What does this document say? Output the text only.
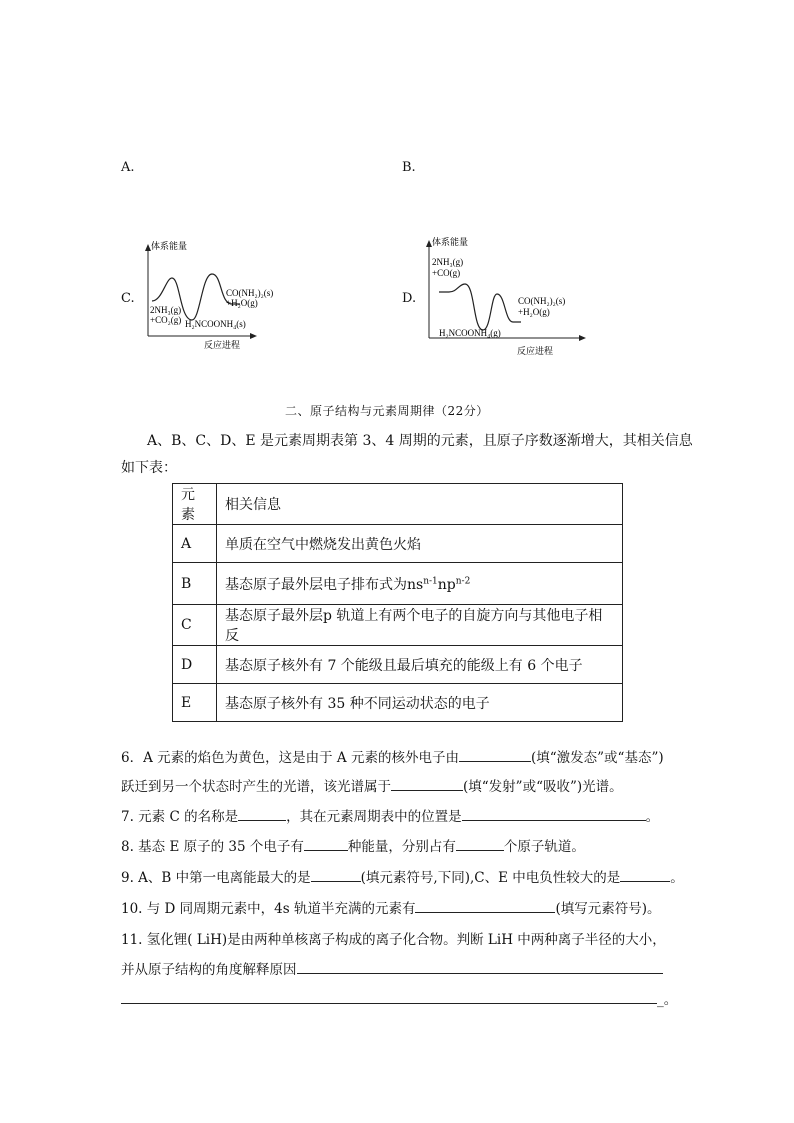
A.	B.
C.
体系能量
2NH₃(g)
+CO₂(g) H₂NCOONH₄(s)
CO(NH₂)₂(s)
+H₂O(g)
反应进程
D.
体系能量
2NH₃(g)
+CO(g)
H₂NCOONH₄(g)
CO(NH₂)₂(s)
+H₂O(g)
反应进程
二、原子结构与元素周期律（22分）
A、B、C、D、E 是元素周期表第 3、4 周期的元素，且原子序数逐渐增大，其相关信息
如下表：
元素	相关信息
A	单质在空气中燃烧发出黄色火焰
B	基态原子最外层电子排布式为$ns^{n-1}np^{n-2}$
C	基态原子最外层p 轨道上有两个电子的自旋方向与其他电子相反
D	基态原子核外有 7 个能级且最后填充的能级上有 6 个电子
E	基态原子核外有 35 种不同运动状态的电子
6．A 元素的焰色为黄色，这是由于 A 元素的核外电子由	(填“激发态”或“基态”)
跃迁到另一个状态时产生的光谱，该光谱属于	(填“发射”或“吸收”)光谱。
7. 元素 C 的名称是	，其在元素周期表中的位置是	。
8. 基态 E 原子的 35 个电子有	种能量，分别占有	个原子轨道。
9. A、B 中第一电离能最大的是	(填元素符号,下同),C、E 中电负性较大的是	。
10. 与 D 同周期元素中，4s 轨道半充满的元素有	(填写元素符号)。
11. 氢化锂( LiH)是由两种单核离子构成的离子化合物。判断 LiH 中两种离子半径的大小，
并从原子结构的角度解释原因
_。
